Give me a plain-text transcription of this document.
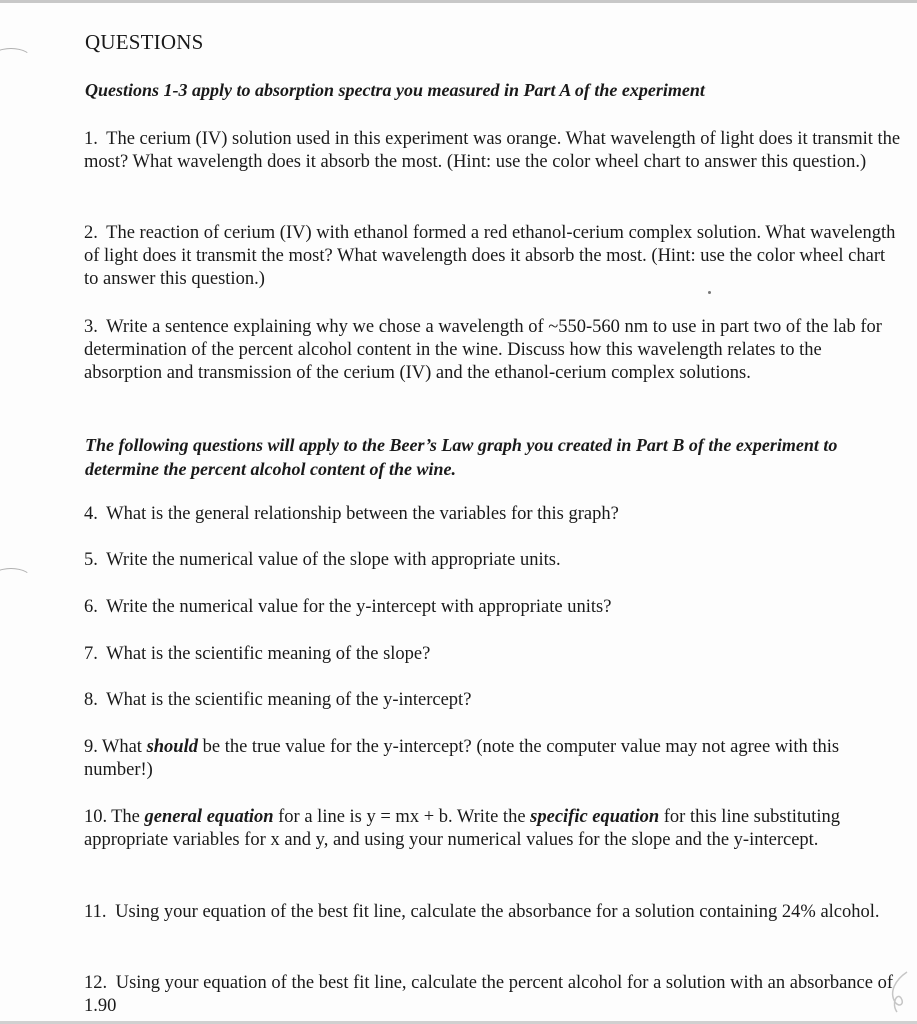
QUESTIONS
Questions 1-3 apply to absorption spectra you measured in Part A of the experiment
1. The cerium (IV) solution used in this experiment was orange. What wavelength of light does it transmit the most? What wavelength does it absorb the most. (Hint: use the color wheel chart to answer this question.)
2. The reaction of cerium (IV) with ethanol formed a red ethanol-cerium complex solution. What wavelength of light does it transmit the most? What wavelength does it absorb the most. (Hint: use the color wheel chart to answer this question.)
3. Write a sentence explaining why we chose a wavelength of ~550-560 nm to use in part two of the lab for determination of the percent alcohol content in the wine. Discuss how this wavelength relates to the absorption and transmission of the cerium (IV) and the ethanol-cerium complex solutions.
The following questions will apply to the Beer’s Law graph you created in Part B of the experiment to determine the percent alcohol content of the wine.
4. What is the general relationship between the variables for this graph?
5. Write the numerical value of the slope with appropriate units.
6. Write the numerical value for the y-intercept with appropriate units?
7. What is the scientific meaning of the slope?
8. What is the scientific meaning of the y-intercept?
9. What should be the true value for the y-intercept? (note the computer value may not agree with this number!)
10. The general equation for a line is y = mx + b. Write the specific equation for this line substituting appropriate variables for x and y, and using your numerical values for the slope and the y-intercept.
11. Using your equation of the best fit line, calculate the absorbance for a solution containing 24% alcohol.
12. Using your equation of the best fit line, calculate the percent alcohol for a solution with an absorbance of 1.90
